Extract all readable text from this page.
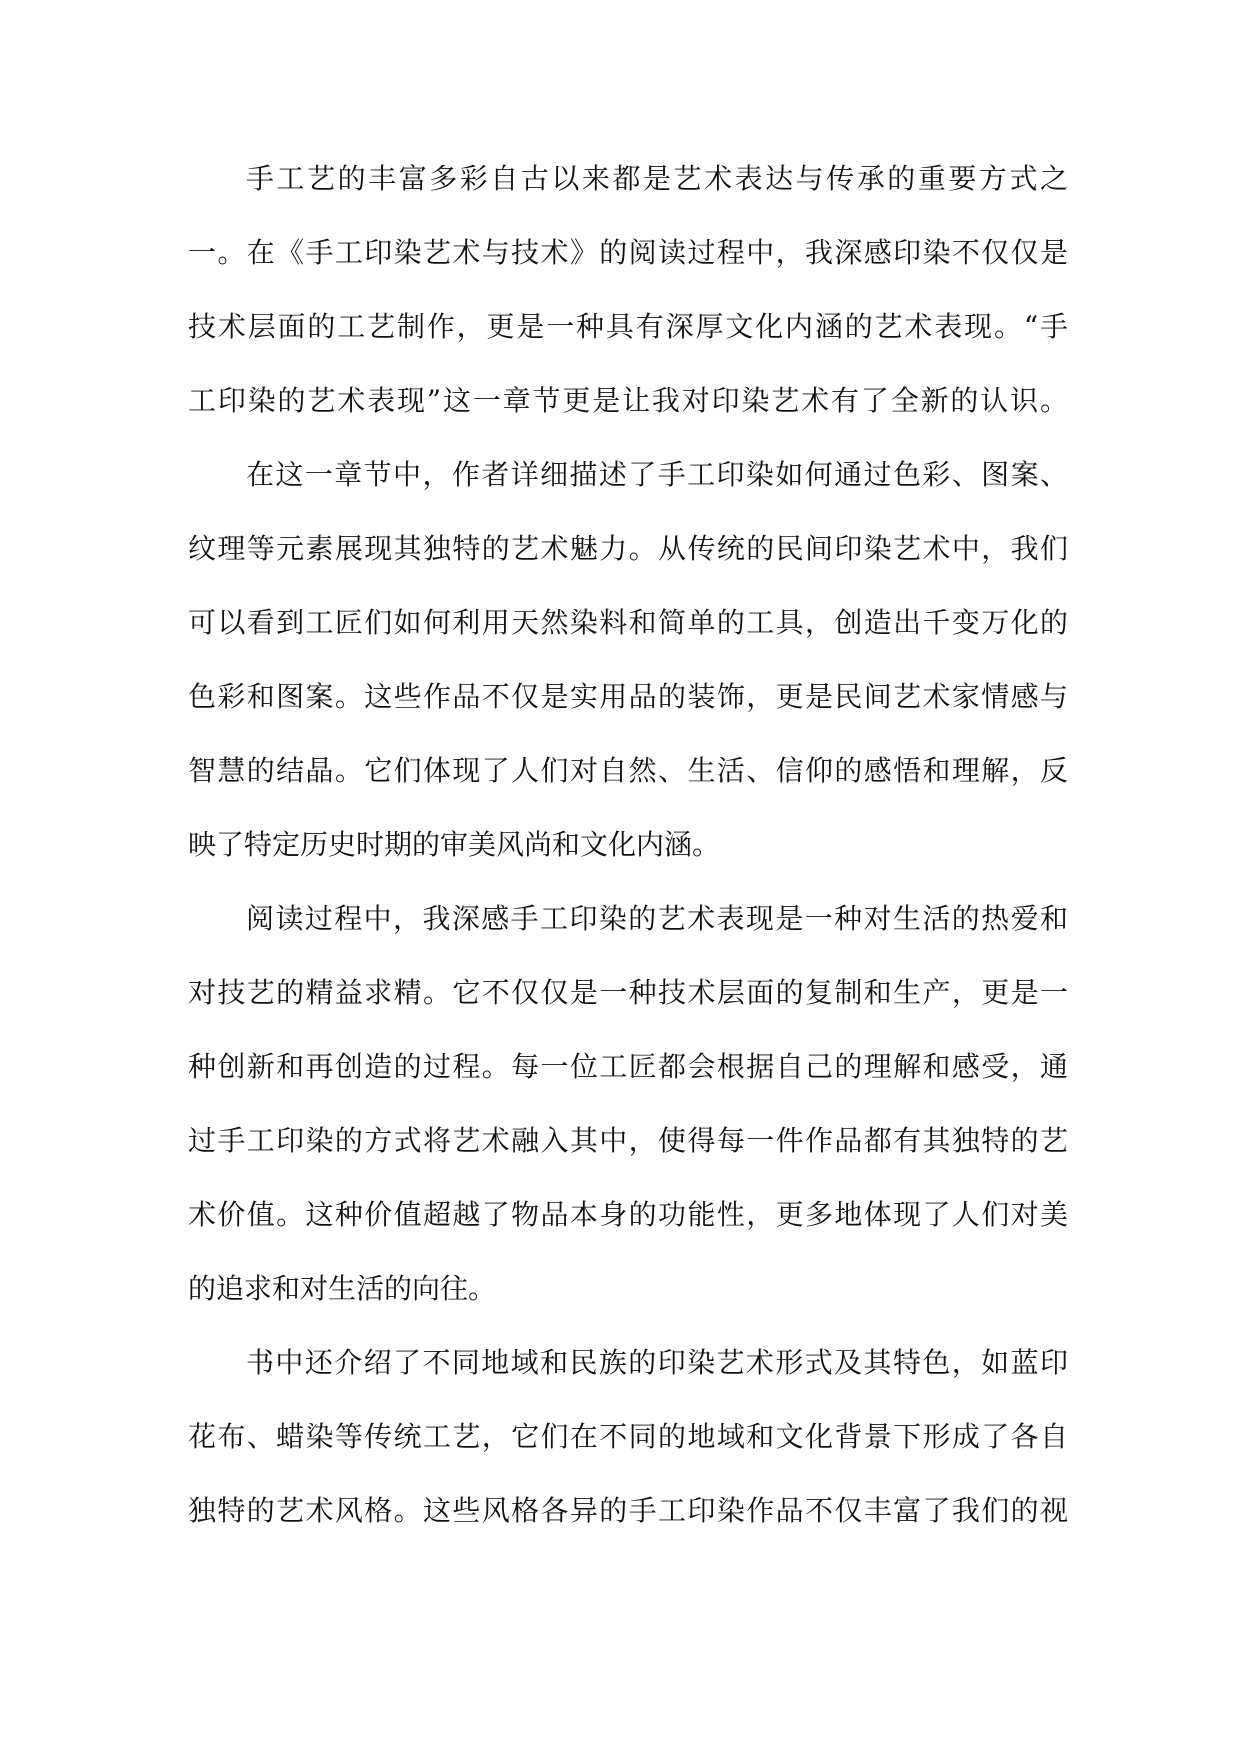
手工艺的丰富多彩自古以来都是艺术表达与传承的重要方式之
一。在《手工印染艺术与技术》的阅读过程中，我深感印染不仅仅是
技术层面的工艺制作，更是一种具有深厚文化内涵的艺术表现。“手
工印染的艺术表现”这一章节更是让我对印染艺术有了全新的认识。
在这一章节中，作者详细描述了手工印染如何通过色彩、图案、
纹理等元素展现其独特的艺术魅力。从传统的民间印染艺术中，我们
可以看到工匠们如何利用天然染料和简单的工具，创造出千变万化的
色彩和图案。这些作品不仅是实用品的装饰，更是民间艺术家情感与
智慧的结晶。它们体现了人们对自然、生活、信仰的感悟和理解，反
映了特定历史时期的审美风尚和文化内涵。
阅读过程中，我深感手工印染的艺术表现是一种对生活的热爱和
对技艺的精益求精。它不仅仅是一种技术层面的复制和生产，更是一
种创新和再创造的过程。每一位工匠都会根据自己的理解和感受，通
过手工印染的方式将艺术融入其中，使得每一件作品都有其独特的艺
术价值。这种价值超越了物品本身的功能性，更多地体现了人们对美
的追求和对生活的向往。
书中还介绍了不同地域和民族的印染艺术形式及其特色，如蓝印
花布、蜡染等传统工艺，它们在不同的地域和文化背景下形成了各自
独特的艺术风格。这些风格各异的手工印染作品不仅丰富了我们的视
